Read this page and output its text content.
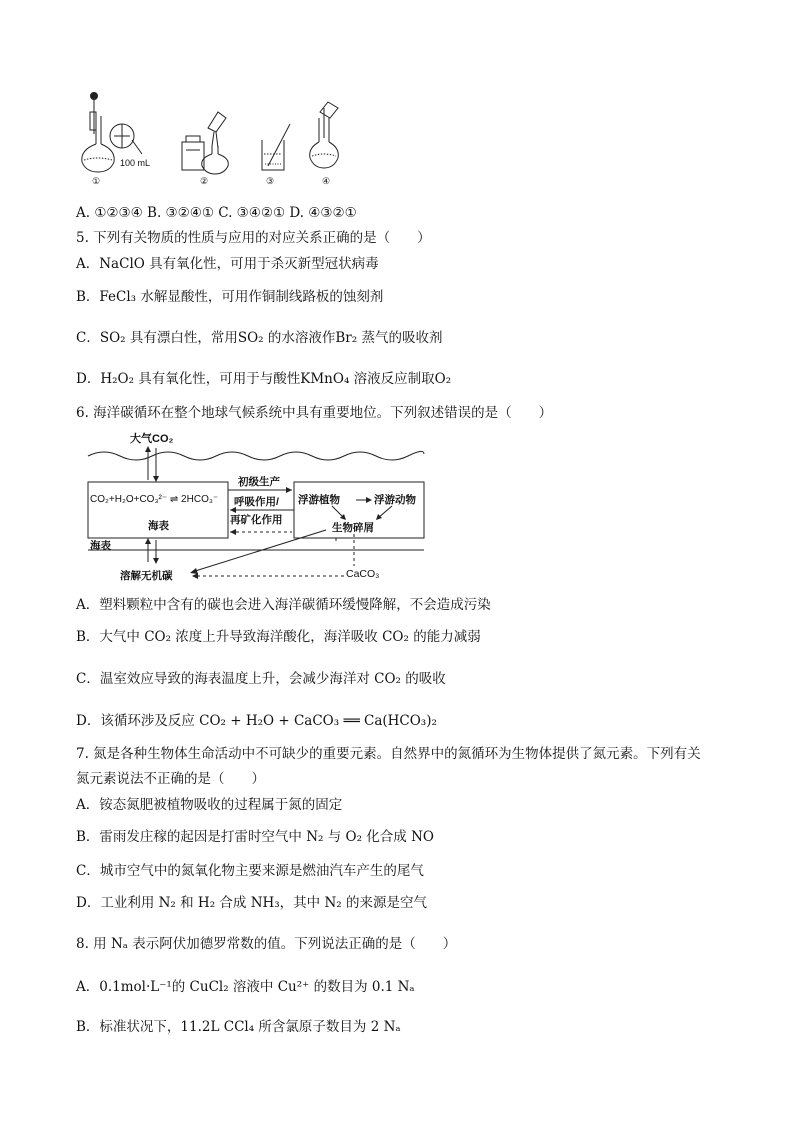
100 mL
①	②	③	④
A. ①②③④ B. ③②④① C. ③④②① D. ④③②①
5. 下列有关物质的性质与应用的对应关系正确的是（　　）
A．NaClO 具有氧化性，可用于杀灭新型冠状病毒
B．FeCl₃ 水解显酸性，可用作铜制线路板的蚀刻剂
C．SO₂ 具有漂白性，常用SO₂ 的水溶液作Br₂ 蒸气的吸收剂
D．H₂O₂ 具有氧化性，可用于与酸性KMnO₄ 溶液反应制取O₂
6. 海洋碳循环在整个地球气候系统中具有重要地位。下列叙述错误的是（　　）
大气CO₂
CO₂+H₂O+CO₃²⁻ ⇌ 2HCO₃⁻
海表
初级生产
呼吸作用/
再矿化作用
浮游植物	浮游动物
生物碎屑
海表
溶解无机碳	CaCO₃
A．塑料颗粒中含有的碳也会进入海洋碳循环缓慢降解，不会造成污染
B．大气中 CO₂ 浓度上升导致海洋酸化，海洋吸收 CO₂ 的能力减弱
C．温室效应导致的海表温度上升，会减少海洋对 CO₂ 的吸收
D．该循环涉及反应 CO₂ + H₂O + CaCO₃ ══ Ca(HCO₃)₂
7. 氮是各种生物体生命活动中不可缺少的重要元素。自然界中的氮循环为生物体提供了氮元素。下列有关
氮元素说法不正确的是（　　）
A．铵态氮肥被植物吸收的过程属于氮的固定
B．雷雨发庄稼的起因是打雷时空气中 N₂ 与 O₂ 化合成 NO
C．城市空气中的氮氧化物主要来源是燃油汽车产生的尾气
D．工业利用 N₂ 和 H₂ 合成 NH₃，其中 N₂ 的来源是空气
8. 用 Nₐ 表示阿伏加德罗常数的值。下列说法正确的是（　　）
A．0.1mol·L⁻¹的 CuCl₂ 溶液中 Cu²⁺ 的数目为 0.1 Nₐ
B．标准状况下，11.2L CCl₄ 所含氯原子数目为 2 Nₐ
